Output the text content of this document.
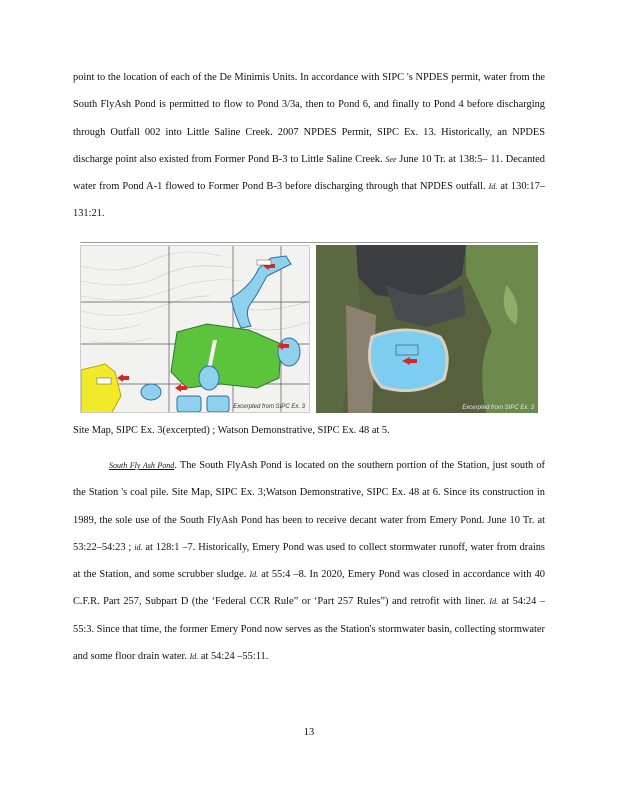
point to the location of each of the De Minimis Units. In accordance with SIPC 's NPDES permit, water from the South FlyAsh Pond is permitted to flow to Pond 3/3a, then to Pond 6, and finally to Pond 4 before discharging through Outfall 002 into Little Saline Creek. 2007 NPDES Permit, SIPC Ex. 13. Historically, an NPDES discharge point also existed from Former Pond B-3 to Little Saline Creek. See June 10 Tr. at 138:5– 11. Decanted water from Pond A-1 flowed to Former Pond B-3 before discharging through that NPDES outfall. Id. at 130:17–131:21.

Excerpted from SIPC Ex. 3	Excerpted from SIPC Ex. 3
Site Map, SIPC Ex. 3(excerpted) ; Watson Demonstrative, SIPC Ex. 48 at 5.

South Fly Ash Pond. The South FlyAsh Pond is located on the southern portion of the Station, just south of the Station 's coal pile. Site Map, SIPC Ex. 3;Watson Demonstrative, SIPC Ex. 48 at 6. Since its construction in 1989, the sole use of the South FlyAsh Pond has been to receive decant water from Emery Pond. June 10 Tr. at 53:22–54:23 ; id. at 128:1 –7. Historically, Emery Pond was used to collect stormwater runoff, water from drains at the Station, and some scrubber sludge. Id. at 55:4 –8. In 2020, Emery Pond was closed in accordance with 40 C.F.R. Part 257, Subpart D (the ‘Federal CCR Rule” or ‘Part 257 Rules”) and retrofit with liner. Id. at 54:24 –55:3. Since that time, the former Emery Pond now serves as the Station's stormwater basin, collecting stormwater and some floor drain water. Id. at 54:24 –55:11.

13
